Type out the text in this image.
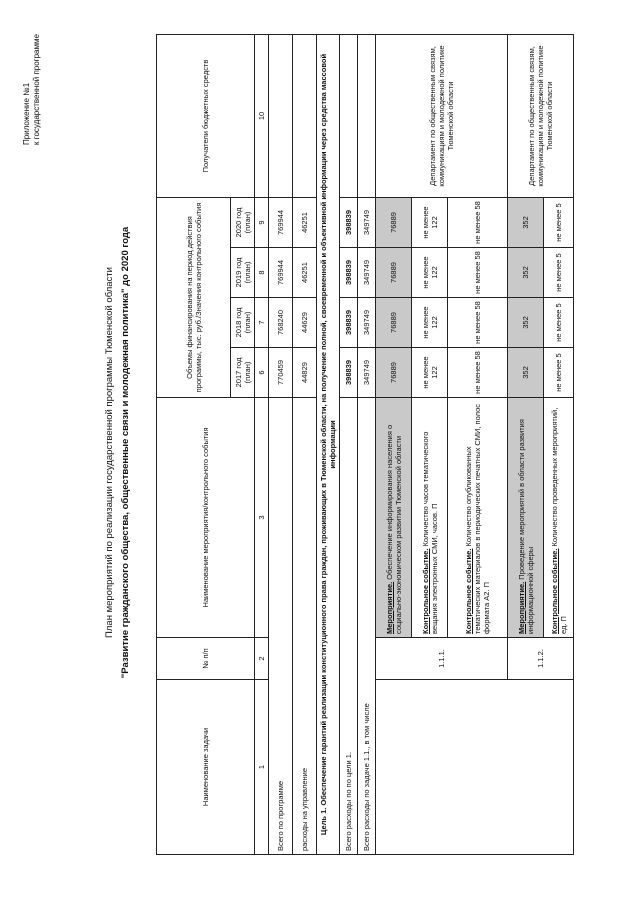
Приложение №1 к государственной программе
План мероприятий по реализации государственной программы Тюменской области "Развитие гражданского общества, общественные связи и молодежная политика" до 2020 года
Наименование задачи	№ п/п	Наименование мероприятия/контрольного события	Объемы финансирования на период действия программы, тыс. руб./Значения контрольного события				Получатели бюджетных средств
			2017 год (план)	2018 год (план)	2019 год (план)	2020 год (план)	
1	2	3	6	7	8	9	10
Всего по программе			770459	768240	769944	769944	
расходы на управление			44829	44629	46251	46251	
Цель 1. Обеспечение гарантий реализации конституционного права граждан, проживающих в Тюменской области, на получение полной, своевременной и объективной информации через средства массовой информации							
Всего расходы по по цели 1.			398839	398839	398839	398839	
Всего расходы по задаче 1.1., в том числе			349749	349749	349749	349749	
	1.1.1.	Мероприятие. Обеспечение информирования населения о социально-экономическом развитии Тюменской области	76889	76889	76889	76889	Департамент по общественным связям, коммуникациям и молодежной политике Тюменской области
		Контрольное событие. Количество часов тематического вещания электронных СМИ, часов. П	не менее 122	не менее 122	не менее 122	не менее 122	
		Контрольное событие. Количество опубликованных тематических материалов в периодических печатных СМИ, полос формата А2. П	не менее 58	не менее 58	не менее 58	не менее 58	
	1.1.2.	Мероприятие. Проведение мероприятий в области развития информационной сферы	352	352	352	352	Департамент по общественным связям, коммуникациям и молодежной политике Тюменской области
		Контрольное событие. Количество проведенных мероприятий, ед. П	не менее 5	не менее 5	не менее 5	не менее 5	
